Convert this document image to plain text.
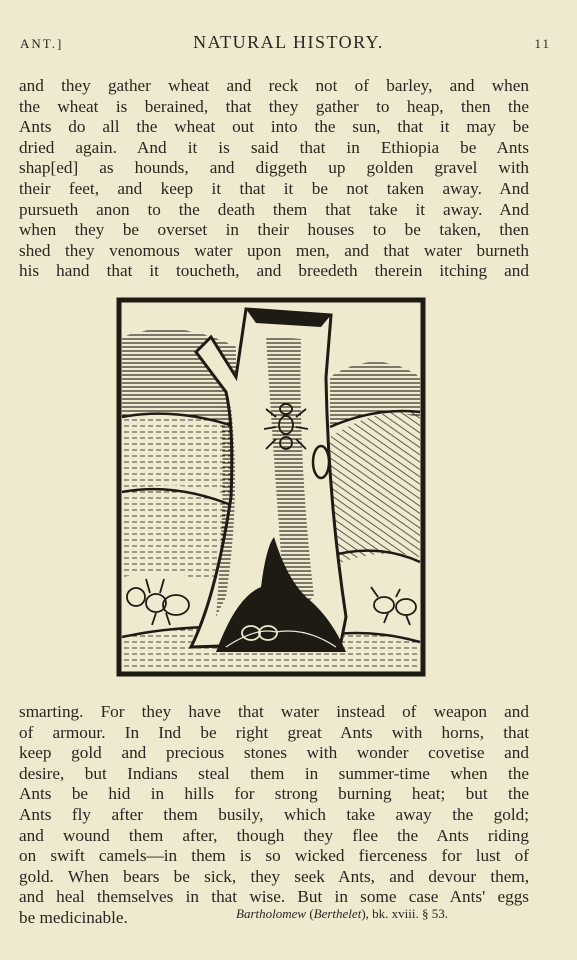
ANT.]	NATURAL HISTORY.	11
and they gather wheat and reck not of barley, and when
the wheat is berained, that they gather to heap, then the
Ants do all the wheat out into the sun, that it may be
dried again. And it is said that in Ethiopia be Ants
shap[ed] as hounds, and diggeth up golden gravel with
their feet, and keep it that it be not taken away. And
pursueth anon to the death them that take it away. And
when they be overset in their houses to be taken, then
shed they venomous water upon men, and that water burneth
his hand that it toucheth, and breedeth therein itching and
smarting. For they have that water instead of weapon and
of armour. In Ind be right great Ants with horns, that
keep gold and precious stones with wonder covetise and
desire, but Indians steal them in summer-time when the
Ants be hid in hills for strong burning heat; but the
Ants fly after them busily, which take away the gold;
and wound them after, though they flee the Ants riding
on swift camels—in them is so wicked fierceness for lust of
gold. When bears be sick, they seek Ants, and devour them,
and heal themselves in that wise. But in some case Ants' eggs
be medicinable.	Bartholomew (Berthelet), bk. xviii. § 53.
